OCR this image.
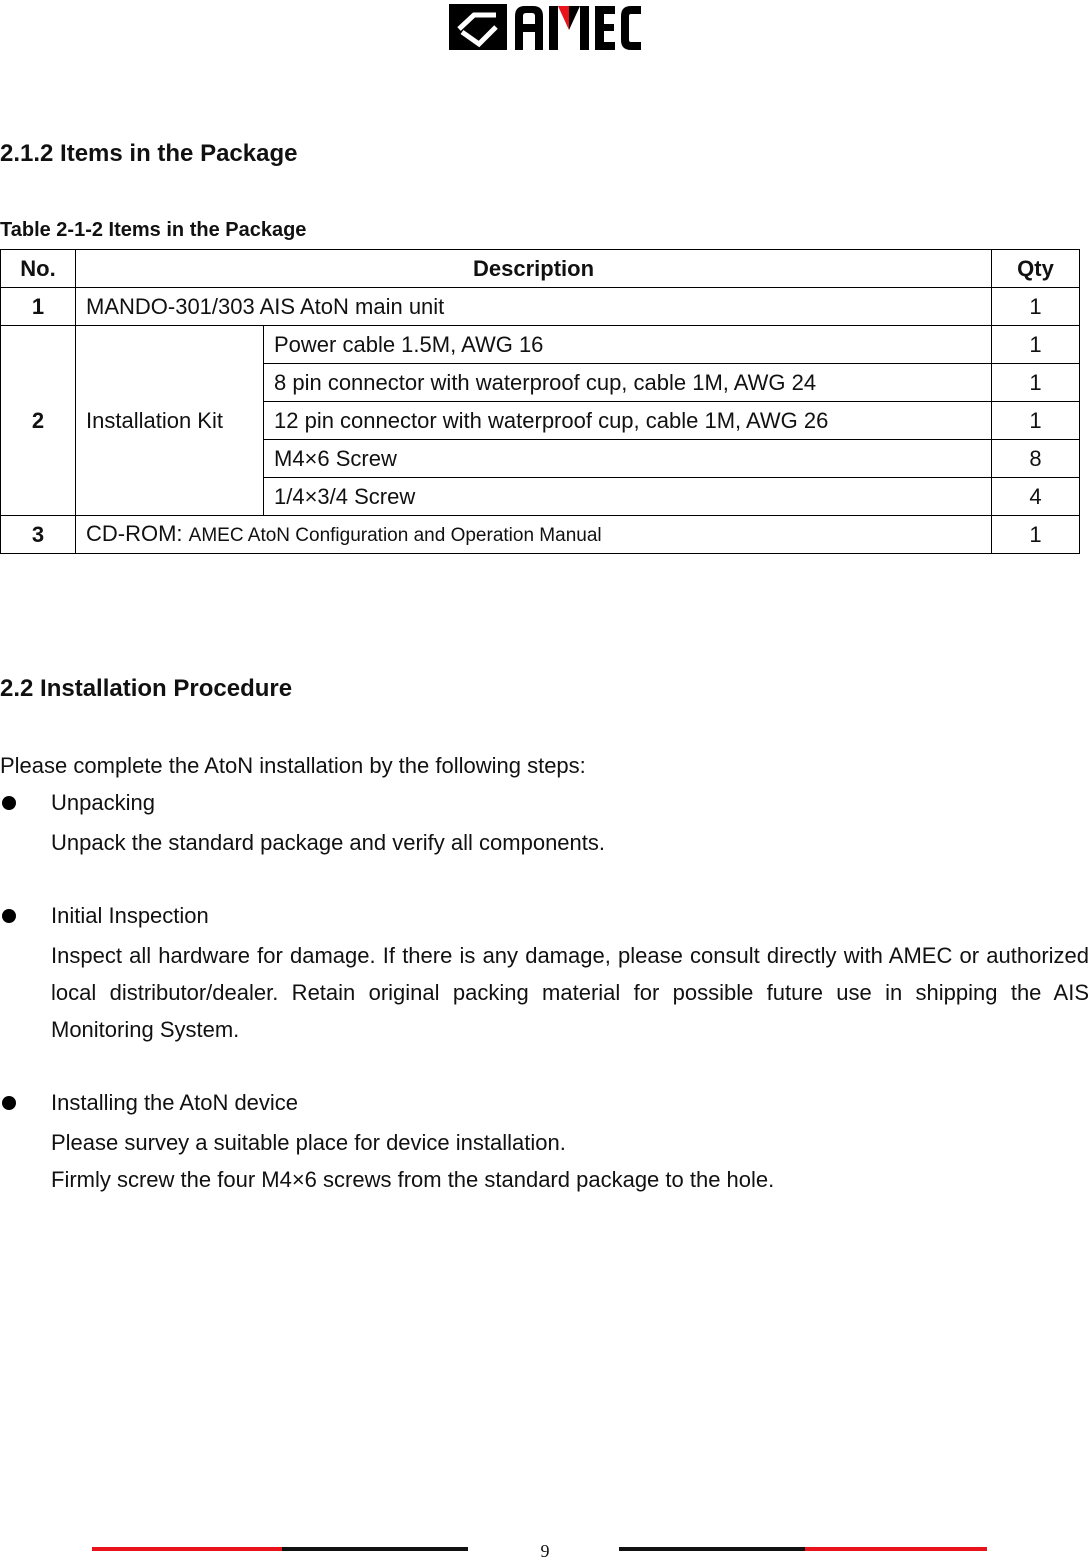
2.1.2 Items in the Package
Table 2-1-2 Items in the Package
No.	Description		Qty
1	MANDO-301/303 AIS AtoN main unit		1
2	Installation Kit	Power cable 1.5M, AWG 16	1
		8 pin connector with waterproof cup, cable 1M, AWG 24	1
		12 pin connector with waterproof cup, cable 1M, AWG 26	1
		M4×6 Screw	8
		1/4×3/4 Screw	4
3	CD-ROM: AMEC AtoN Configuration and Operation Manual		1
2.2 Installation Procedure
Please complete the AtoN installation by the following steps:
Unpacking
Unpack the standard package and verify all components.
Initial Inspection
Inspect all hardware for damage. If there is any damage, please consult directly with AMEC or authorized local distributor/dealer. Retain original packing material for possible future use in shipping the AIS Monitoring System.
Installing the AtoN device
Please survey a suitable place for device installation.
Firmly screw the four M4×6 screws from the standard package to the hole.
9
